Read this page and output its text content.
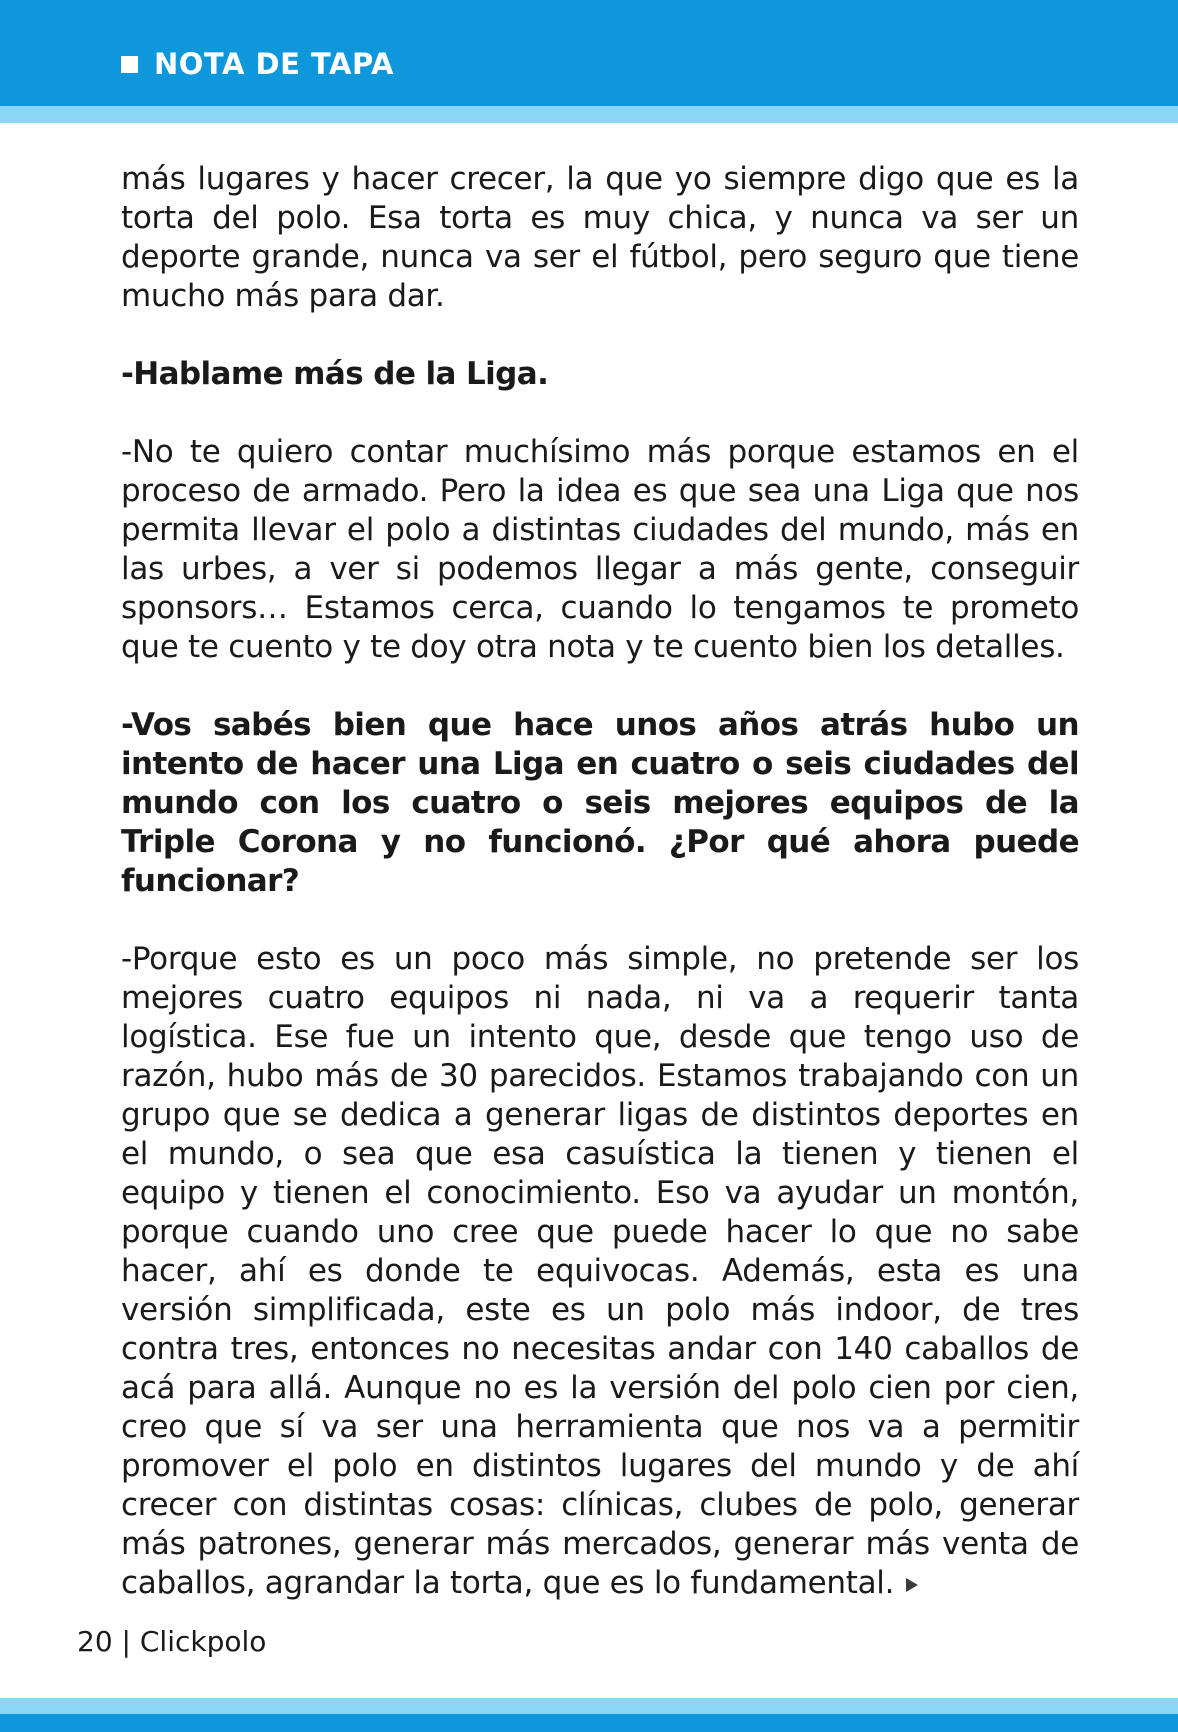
NOTA DE TAPA

más lugares y hacer crecer, la que yo siempre digo que es la torta del polo. Esa torta es muy chica, y nunca va ser un deporte grande, nunca va ser el fútbol, pero seguro que tiene mucho más para dar.

-Hablame más de la Liga.

-No te quiero contar muchísimo más porque estamos en el proceso de armado. Pero la idea es que sea una Liga que nos permita llevar el polo a distintas ciudades del mundo, más en las urbes, a ver si podemos llegar a más gente, conseguir sponsors… Estamos cerca, cuando lo tengamos te prometo que te cuento y te doy otra nota y te cuento bien los detalles.

-Vos sabés bien que hace unos años atrás hubo un intento de hacer una Liga en cuatro o seis ciudades del mundo con los cuatro o seis mejores equipos de la Triple Corona y no funcionó. ¿Por qué ahora puede funcionar?

-Porque esto es un poco más simple, no pretende ser los mejores cuatro equipos ni nada, ni va a requerir tanta logística. Ese fue un intento que, desde que tengo uso de razón, hubo más de 30 parecidos. Estamos trabajando con un grupo que se dedica a generar ligas de distintos deportes en el mundo, o sea que esa casuística la tienen y tienen el equipo y tienen el conocimiento. Eso va ayudar un montón, porque cuando uno cree que puede hacer lo que no sabe hacer, ahí es donde te equivocas. Además, esta es una versión simplificada, este es un polo más indoor, de tres contra tres, entonces no necesitas andar con 140 caballos de acá para allá. Aunque no es la versión del polo cien por cien, creo que sí va ser una herramienta que nos va a permitir promover el polo en distintos lugares del mundo y de ahí crecer con distintas cosas: clínicas, clubes de polo, generar más patrones, generar más mercados, generar más venta de caballos, agrandar la torta, que es lo fundamental.

20 | Clickpolo
